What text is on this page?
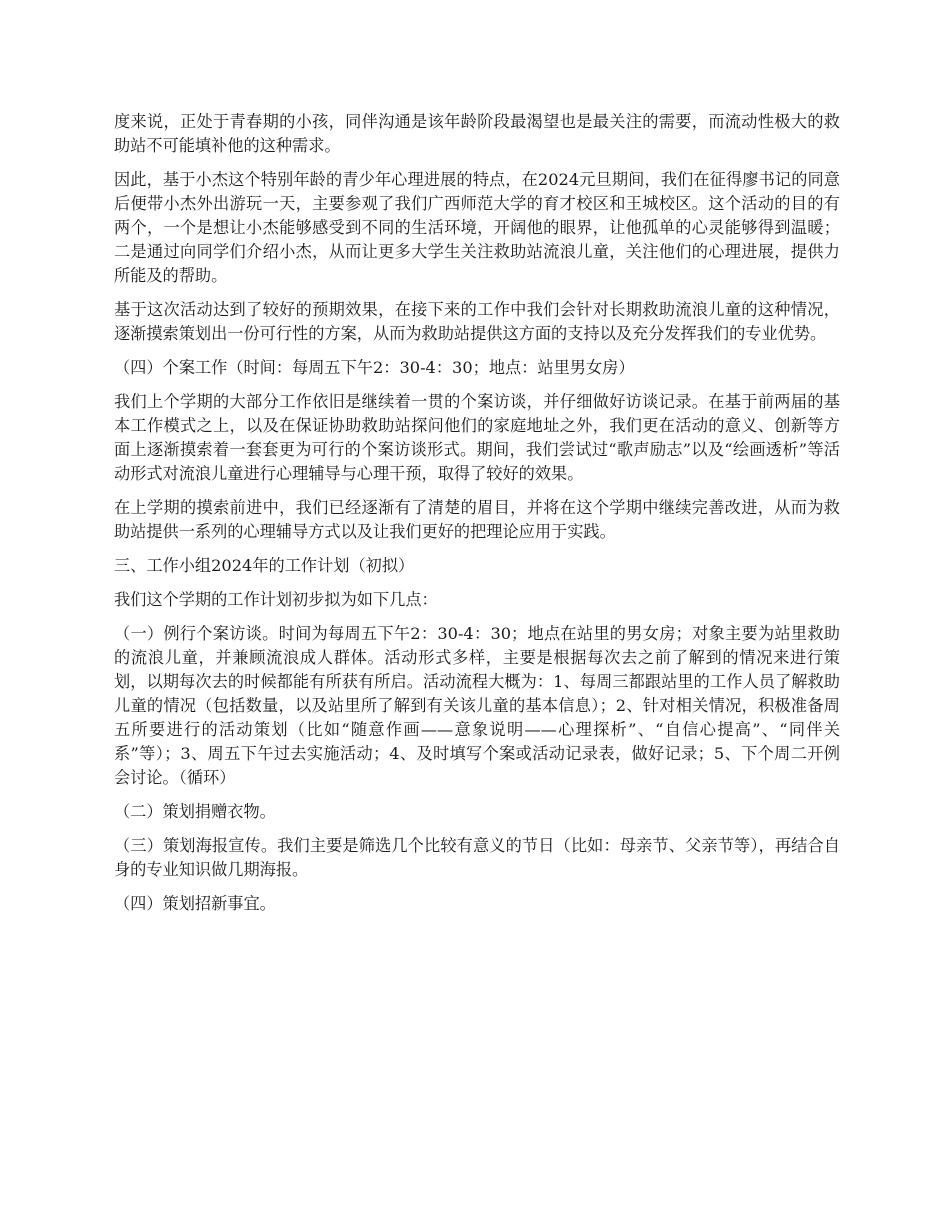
度来说，正处于青春期的小孩，同伴沟通是该年龄阶段最渴望也是最关注的需要，而流动性极大的救助站不可能填补他的这种需求。

因此，基于小杰这个特别年龄的青少年心理进展的特点，在2024元旦期间，我们在征得廖书记的同意后便带小杰外出游玩一天，主要参观了我们广西师范大学的育才校区和王城校区。这个活动的目的有两个，一个是想让小杰能够感受到不同的生活环境，开阔他的眼界，让他孤单的心灵能够得到温暖；二是通过向同学们介绍小杰，从而让更多大学生关注救助站流浪儿童，关注他们的心理进展，提供力所能及的帮助。

基于这次活动达到了较好的预期效果，在接下来的工作中我们会针对长期救助流浪儿童的这种情况，逐渐摸索策划出一份可行性的方案，从而为救助站提供这方面的支持以及充分发挥我们的专业优势。

（四）个案工作（时间：每周五下午2：30-4：30；地点：站里男女房）

我们上个学期的大部分工作依旧是继续着一贯的个案访谈，并仔细做好访谈记录。在基于前两届的基本工作模式之上，以及在保证协助救助站探问他们的家庭地址之外，我们更在活动的意义、创新等方面上逐渐摸索着一套套更为可行的个案访谈形式。期间，我们尝试过“歌声励志”以及“绘画透析”等活动形式对流浪儿童进行心理辅导与心理干预，取得了较好的效果。

在上学期的摸索前进中，我们已经逐渐有了清楚的眉目，并将在这个学期中继续完善改进，从而为救助站提供一系列的心理辅导方式以及让我们更好的把理论应用于实践。

三、工作小组2024年的工作计划（初拟）

我们这个学期的工作计划初步拟为如下几点：

（一）例行个案访谈。时间为每周五下午2：30-4：30；地点在站里的男女房；对象主要为站里救助的流浪儿童，并兼顾流浪成人群体。活动形式多样，主要是根据每次去之前了解到的情况来进行策划，以期每次去的时候都能有所获有所启。活动流程大概为：1、每周三都跟站里的工作人员了解救助儿童的情况（包括数量，以及站里所了解到有关该儿童的基本信息）；2、针对相关情况，积极准备周五所要进行的活动策划（比如“随意作画——意象说明——心理探析”、“自信心提高”、“同伴关系”等）；3、周五下午过去实施活动；4、及时填写个案或活动记录表，做好记录；5、下个周二开例会讨论。（循环）

（二）策划捐赠衣物。

（三）策划海报宣传。我们主要是筛选几个比较有意义的节日（比如：母亲节、父亲节等），再结合自身的专业知识做几期海报。

（四）策划招新事宜。
